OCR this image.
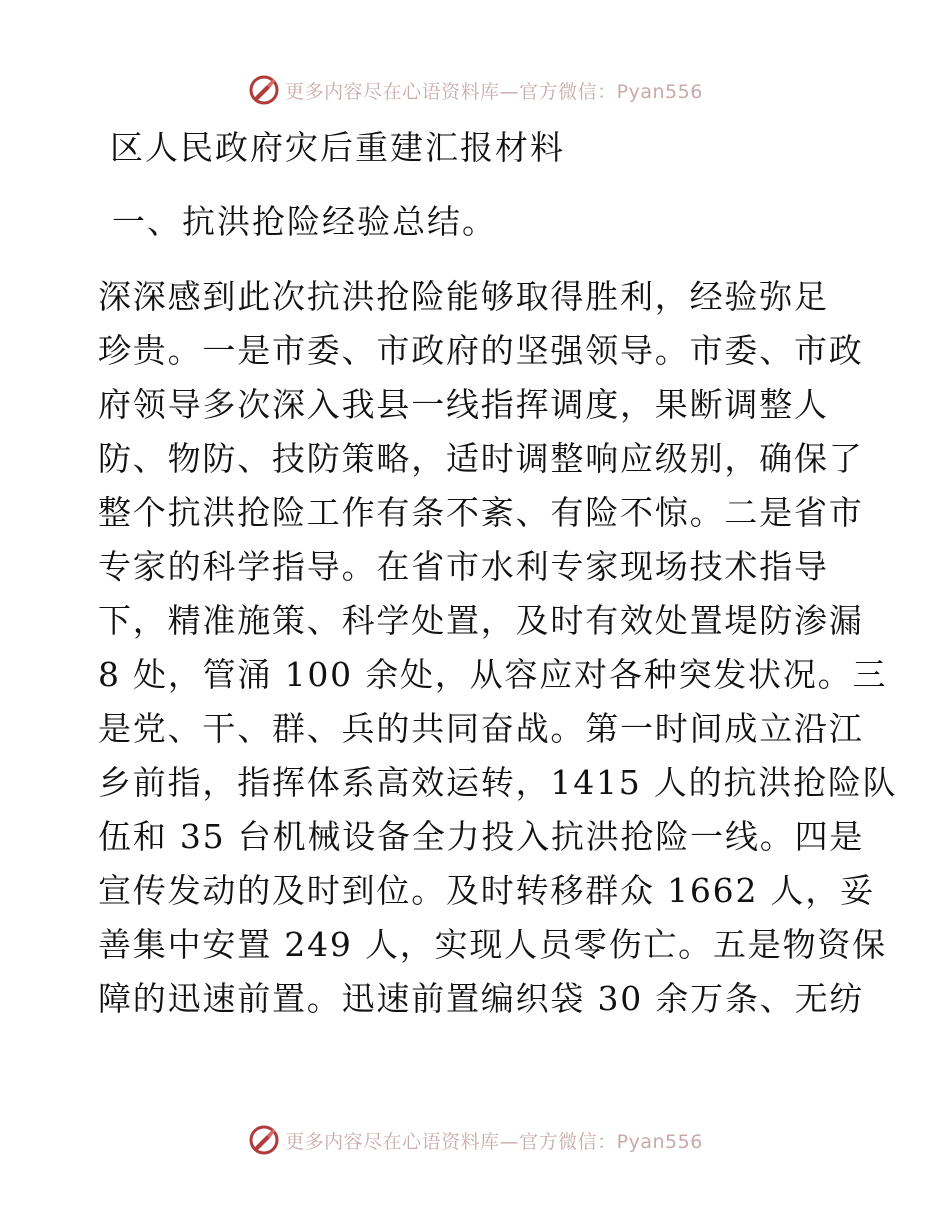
更多内容尽在心语资料库—官方微信：Pyan556
区人民政府灾后重建汇报材料
一、抗洪抢险经验总结。
深深感到此次抗洪抢险能够取得胜利，经验弥足
珍贵。一是市委、市政府的坚强领导。市委、市政
府领导多次深入我县一线指挥调度，果断调整人
防、物防、技防策略，适时调整响应级别，确保了
整个抗洪抢险工作有条不紊、有险不惊。二是省市
专家的科学指导。在省市水利专家现场技术指导
下，精准施策、科学处置，及时有效处置堤防渗漏
8 处，管涌 100 余处，从容应对各种突发状况。三
是党、干、群、兵的共同奋战。第一时间成立沿江
乡前指，指挥体系高效运转，1415 人的抗洪抢险队
伍和 35 台机械设备全力投入抗洪抢险一线。四是
宣传发动的及时到位。及时转移群众 1662 人，妥
善集中安置 249 人，实现人员零伤亡。五是物资保
障的迅速前置。迅速前置编织袋 30 余万条、无纺
更多内容尽在心语资料库—官方微信：Pyan556
